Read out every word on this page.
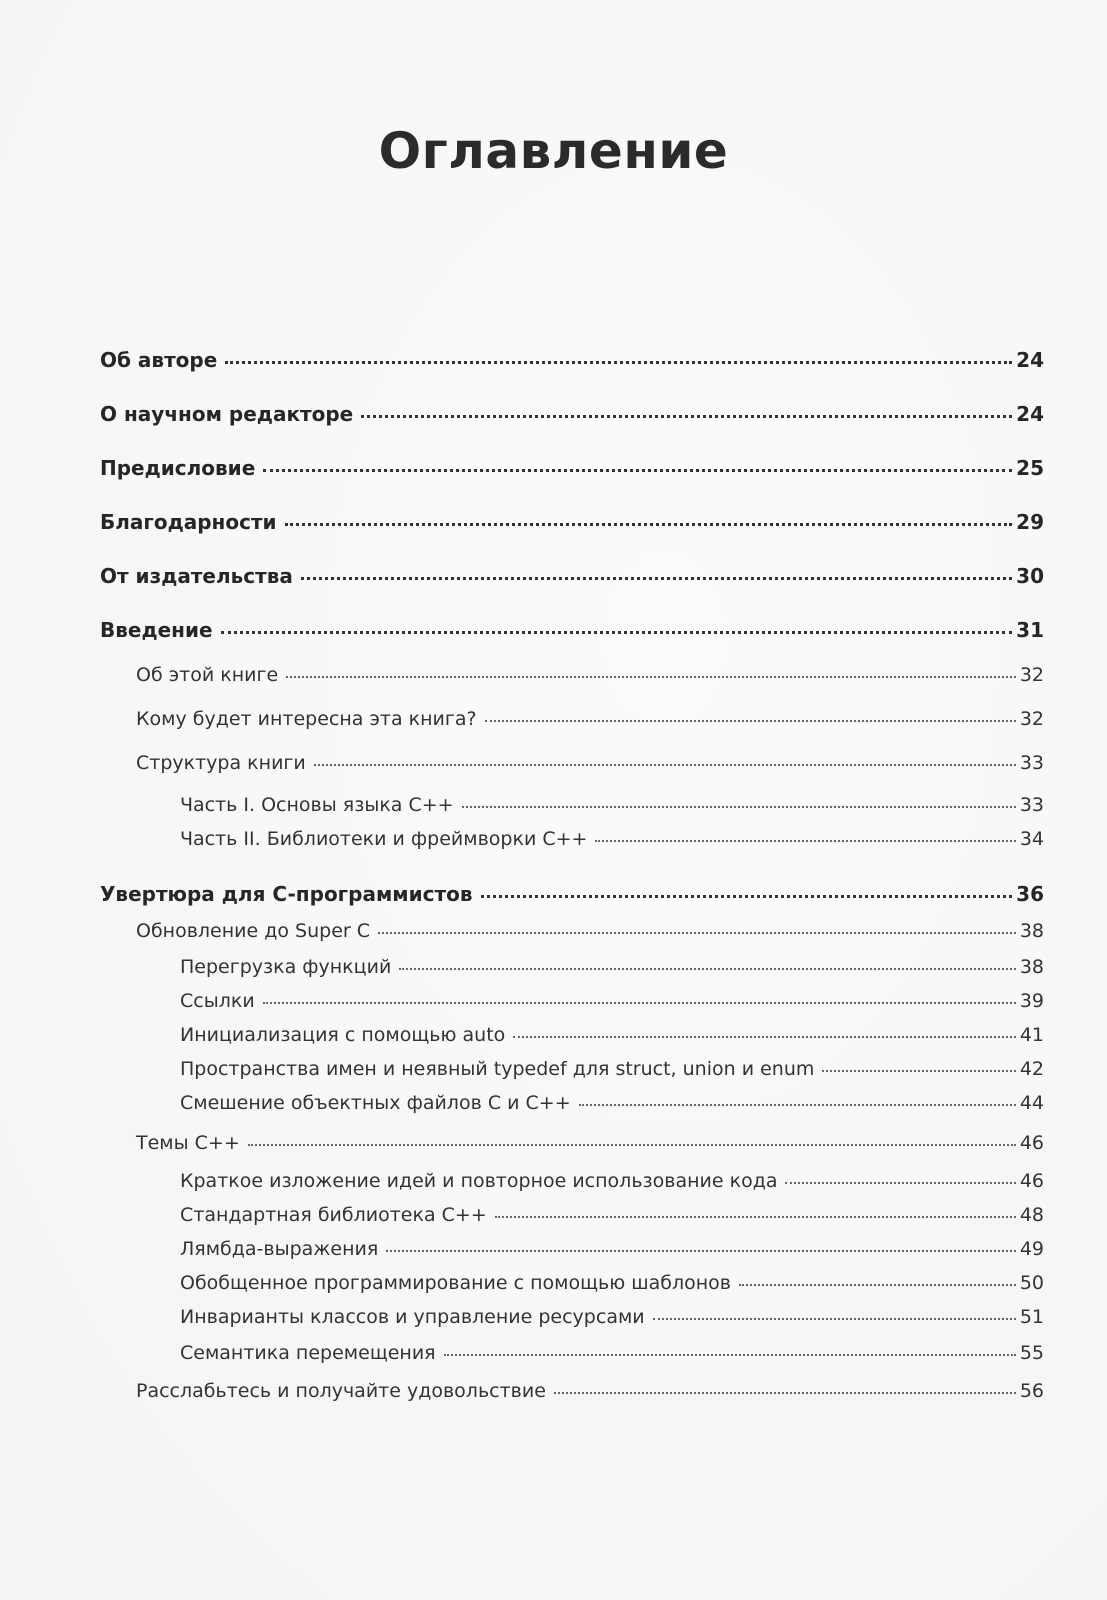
Оглавление
Об авторе	24
О научном редакторе	24
Предисловие	25
Благодарности	29
От издательства	30
Введение	31
Об этой книге	32
Кому будет интересна эта книга?	32
Структура книги	33
Часть I. Основы языка C++	33
Часть II. Библиотеки и фреймворки C++	34
Увертюра для C-программистов	36
Обновление до Super C	38
Перегрузка функций	38
Ссылки	39
Инициализация с помощью auto	41
Пространства имен и неявный typedef для struct, union и enum	42
Смешение объектных файлов C и C++	44
Темы C++	46
Краткое изложение идей и повторное использование кода	46
Стандартная библиотека C++	48
Лямбда-выражения	49
Обобщенное программирование с помощью шаблонов	50
Инварианты классов и управление ресурсами	51
Семантика перемещения	55
Расслабьтесь и получайте удовольствие	56
